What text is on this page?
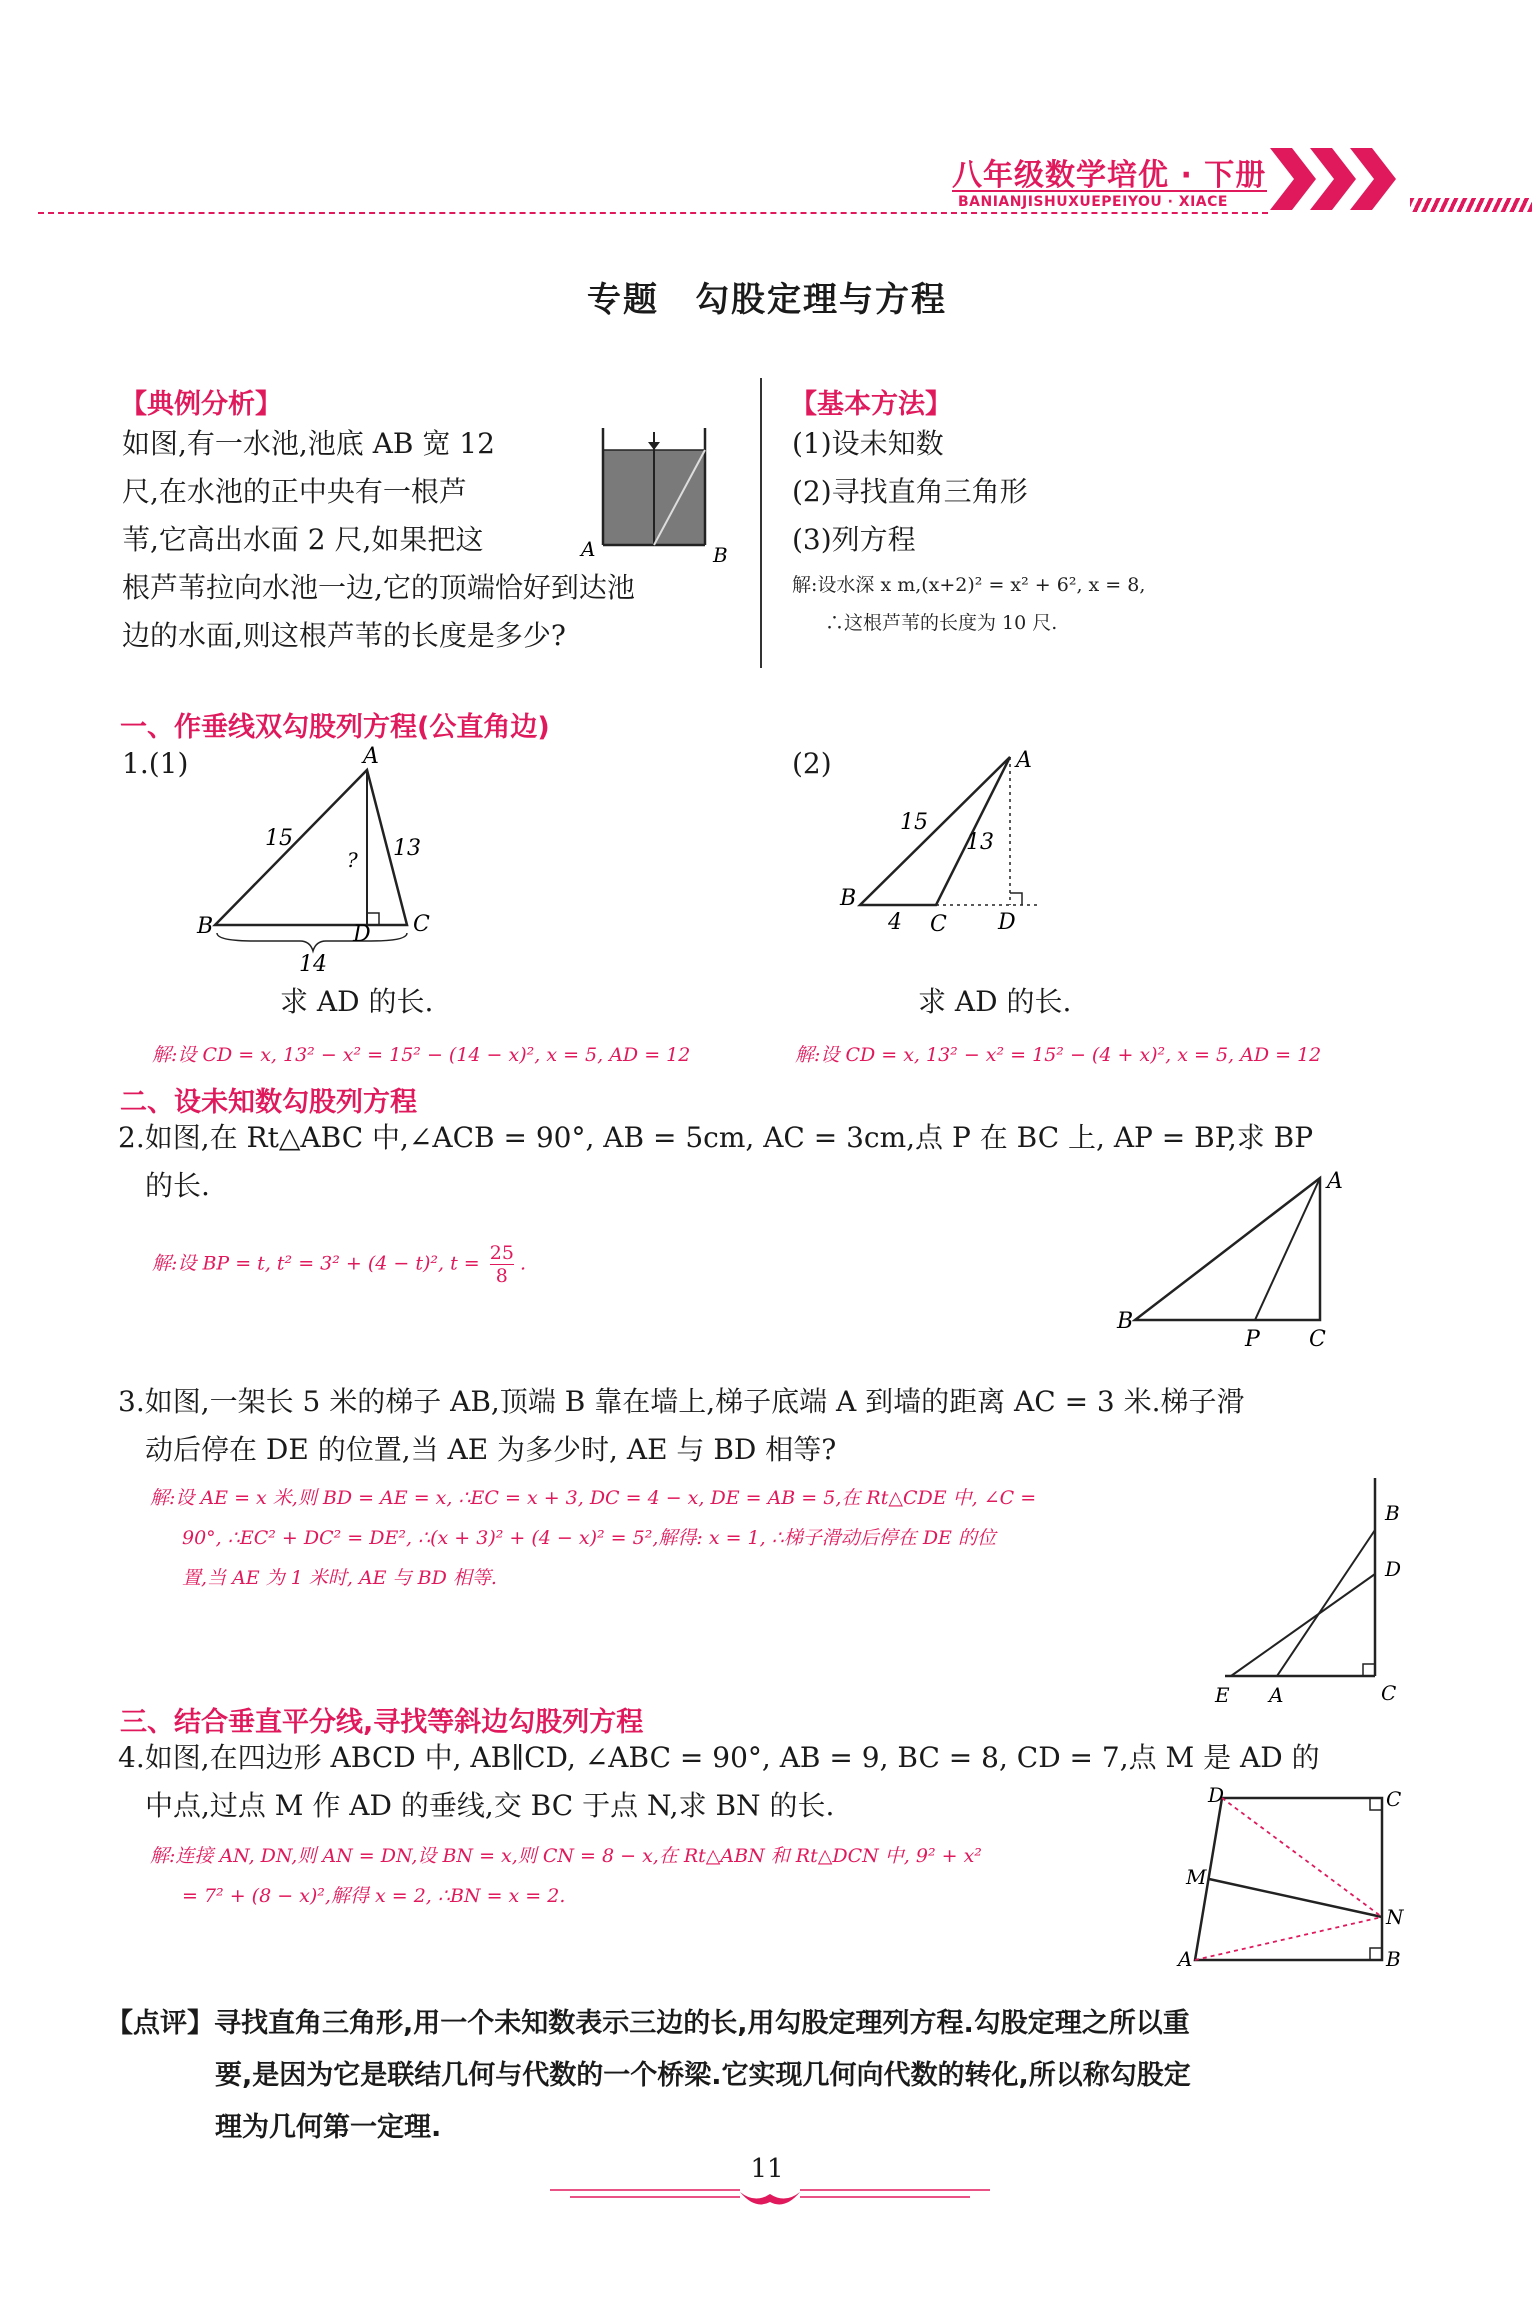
八年级数学培优 · 下册
BANIANJISHUXUEPEIYOU · XIACE
专题　勾股定理与方程
【典例分析】
如图,有一水池,池底 AB 宽 12
尺,在水池的正中央有一根芦
苇,它高出水面 2 尺,如果把这
根芦苇拉向水池一边,它的顶端恰好到达池
边的水面,则这根芦苇的长度是多少?
A	B
【基本方法】
(1)设未知数
(2)寻找直角三角形
(3)列方程
解:设水深 x m,(x+2)² = x² + 6², x = 8,
∴这根芦苇的长度为 10 尺.
一、作垂线双勾股列方程(公直角边)
1.(1)	A
B	C
D
15	13
?
14
求 AD 的长.
解:设 CD = x, 13² − x² = 15² − (14 − x)², x = 5, AD = 12
(2)	A
B
C D
15
13
4
求 AD 的长.
解:设 CD = x, 13² − x² = 15² − (4 + x)², x = 5, AD = 12
二、设未知数勾股列方程
2.如图,在 Rt△ABC 中,∠ACB = 90°, AB = 5cm, AC = 3cm,点 P 在 BC 上, AP = BP,求 BP
的长.
解:设 BP = t, t² = 3² + (4 − t)², $t = \frac{25}{8}$ .
A
B
C
P
3.如图,一架长 5 米的梯子 AB,顶端 B 靠在墙上,梯子底端 A 到墙的距离 AC = 3 米.梯子滑
动后停在 DE 的位置,当 AE 为多少时, AE 与 BD 相等?
解:设 AE = x 米,则 BD = AE = x, ∴EC = x + 3, DC = 4 − x, DE = AB = 5,在 Rt△CDE 中, ∠C =
90°, ∴EC² + DC² = DE², ∴(x + 3)² + (4 − x)² = 5²,解得: x = 1, ∴梯子滑动后停在 DE 的位
置,当 AE 为 1 米时, AE 与 BD 相等.
B
D
C
E A
三、结合垂直平分线,寻找等斜边勾股列方程
4.如图,在四边形 ABCD 中, AB∥CD, ∠ABC = 90°, AB = 9, BC = 8, CD = 7,点 M 是 AD 的
中点,过点 M 作 AD 的垂线,交 BC 于点 N,求 BN 的长.
解:连接 AN, DN,则 AN = DN,设 BN = x,则 CN = 8 − x,在 Rt△ABN 和 Rt△DCN 中, 9² + x²
= 7² + (8 − x)²,解得 x = 2, ∴BN = x = 2.
D	C
N
B
A
M
【点评】寻找直角三角形,用一个未知数表示三边的长,用勾股定理列方程.勾股定理之所以重
要,是因为它是联结几何与代数的一个桥梁.它实现几何向代数的转化,所以称勾股定
理为几何第一定理.
11
